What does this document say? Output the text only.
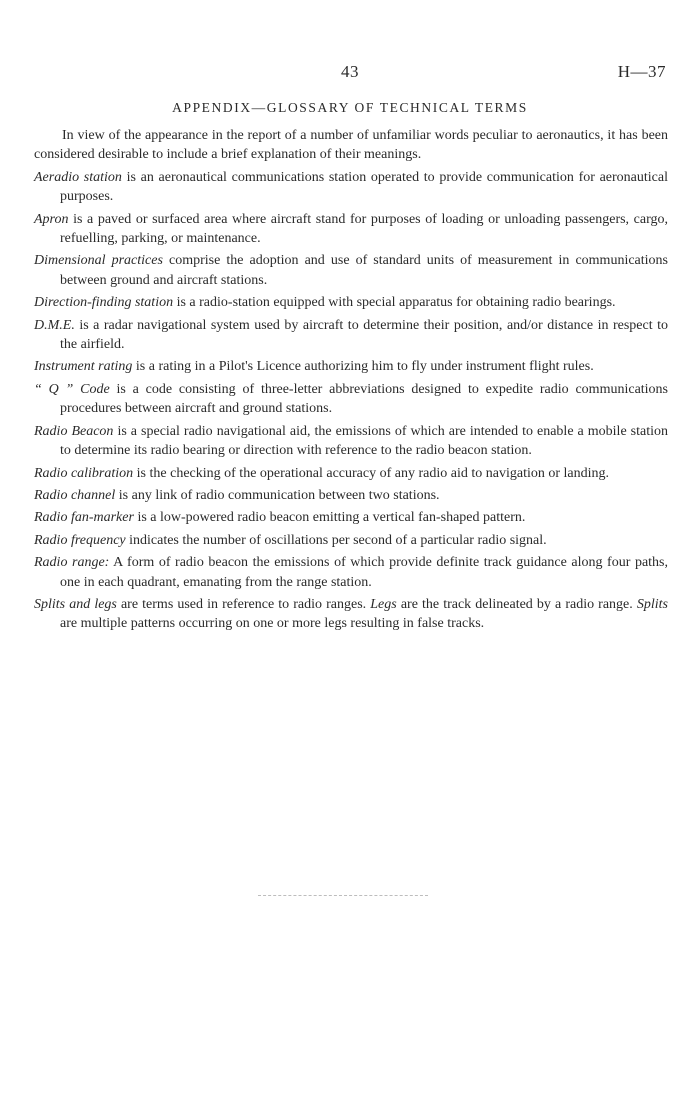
43	H—37
APPENDIX—GLOSSARY OF TECHNICAL TERMS

In view of the appearance in the report of a number of unfamiliar words peculiar to aeronautics, it has been considered desirable to include a brief explanation of their meanings.

Aeradio station is an aeronautical communications station operated to provide communication for aeronautical purposes.

Apron is a paved or surfaced area where aircraft stand for purposes of loading or unloading passengers, cargo, refuelling, parking, or maintenance.

Dimensional practices comprise the adoption and use of standard units of measurement in communications between ground and aircraft stations.

Direction-finding station is a radio-station equipped with special apparatus for obtaining radio bearings.

D.M.E. is a radar navigational system used by aircraft to determine their position, and/or distance in respect to the airfield.

Instrument rating is a rating in a Pilot's Licence authorizing him to fly under instrument flight rules.

“ Q ” Code is a code consisting of three-letter abbreviations designed to expedite radio communications procedures between aircraft and ground stations.

Radio Beacon is a special radio navigational aid, the emissions of which are intended to enable a mobile station to determine its radio bearing or direction with reference to the radio beacon station.

Radio calibration is the checking of the operational accuracy of any radio aid to navigation or landing.

Radio channel is any link of radio communication between two stations.

Radio fan-marker is a low-powered radio beacon emitting a vertical fan-shaped pattern.

Radio frequency indicates the number of oscillations per second of a particular radio signal.

Radio range: A form of radio beacon the emissions of which provide definite track guidance along four paths, one in each quadrant, emanating from the range station.

Splits and legs are terms used in reference to radio ranges. Legs are the track delineated by a radio range. Splits are multiple patterns occurring on one or more legs resulting in false tracks.
